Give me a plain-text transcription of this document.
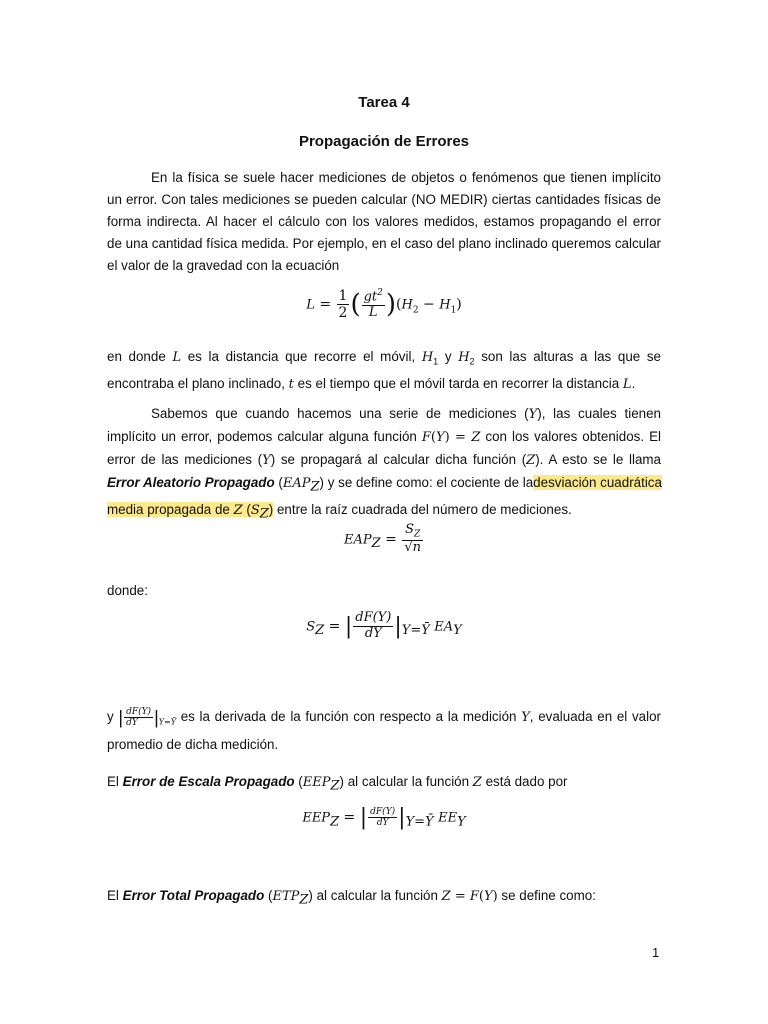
Tarea 4
Propagación de Errores
En la física se suele hacer mediciones de objetos o fenómenos que tienen implícito
un error. Con tales mediciones se pueden calcular (NO MEDIR) ciertas cantidades físicas de
forma indirecta. Al hacer el cálculo con los valores medidos, estamos propagando el error
de una cantidad física medida. Por ejemplo, en el caso del plano inclinado queremos calcular
el valor de la gravedad con la ecuación
$L = \frac{1}{2}$ ( $\frac{gt^2}{L} )(H_2 - H_1)$
en donde L es la distancia que recorre el móvil, $H_1$ y $H_2$ son las alturas a las que se
encontraba el plano inclinado, t es el tiempo que el móvil tarda en recorrer la distancia L.
Sabemos que cuando hacemos una serie de mediciones (Y), las cuales tienen
implícito un error, podemos calcular alguna función F(Y) = Z con los valores obtenidos. El
error de las mediciones (Y) se propagará al calcular dicha función (Z). A esto se le llama
Error Aleatorio Propagado $(EAP_Z)$ y se define como: el cociente de ladesviación cuadrática
media propagada de Z $(S_Z)$ entre la raíz cuadrada del número de mediciones.
$EAP_Z = \frac{S_Z}{√n}$
donde:
$S_Z$ = | $\frac{dF(Y)}{dY} |_{Y=Ȳ}$ $EA_Y$
y | $\frac{dF(Y)}{dY} |_{Y=Ȳ}$ es la derivada de la función con respecto a la medición Y, evaluada en el valor
promedio de dicha medición.
El Error de Escala Propagado $(EEP_Z)$ al calcular la función Z está dado por
$EEP_Z$ = | $\frac{dF(Y)}{dY} |_{Y=Ȳ}$ $EE_Y$
El Error Total Propagado $(ETP_Z)$ al calcular la función Z = F(Y) se define como:
1
